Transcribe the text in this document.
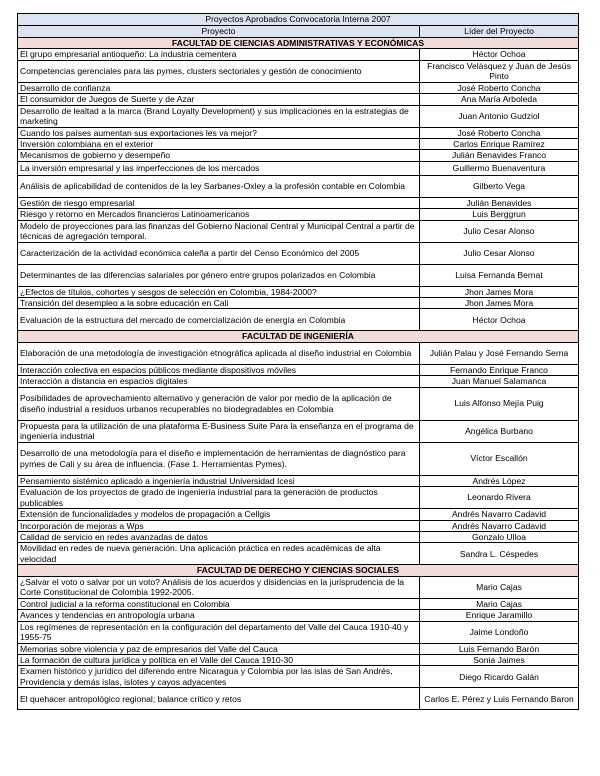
Proyectos Aprobados Convocatoria Interna 2007	
Proyecto	Líder del Proyecto
FACULTAD DE CIENCIAS ADMINISTRATIVAS Y ECONÓMICAS	
El grupo empresarial antioqueño: La industria cementera	Héctor Ochoa
Competencias gerenciales para las pymes, clusters sectoriales y gestión de conocimiento	Francisco Velásquez y Juan de Jesús Pinto
Desarrollo de confianza	José Roberto Concha
El consumidor de Juegos de Suerte y de Azar	Ana María Arboleda
Desarrollo de lealtad a la marca (Brand Loyalty Development) y sus implicaciones en la estrategias de marketing	Juan Antonio Gudziol
Cuando los países aumentan sus exportaciones les va mejor?	José Roberto Concha
Inversión colombiana en el exterior	Carlos Enrique Ramírez
Mecanismos de gobierno y desempeño	Julián Benavides Franco
La inversión empresarial y las imperfecciones de los mercados	Guillermo Buenaventura
Análisis de aplicabilidad de contenidos de la ley Sarbanes-Oxley a la profesión contable en Colombia	Gilberto Vega
Gestión de riesgo empresarial	Julián Benavides
Riesgo y retorno en Mercados financieros Latinoamericanos	Luis Berggrun
Modelo de proyecciones para las finanzas del Gobierno Nacional Central y Municipal Central a partir de técnicas de agregación temporal.	Julio Cesar Alonso
Caracterización de la actividad económica caleña a partir del Censo Económico del 2005	Julio Cesar Alonso
Determinantes de las diferencias salariales por género entre grupos polarizados en Colombia	Luisa Fernanda Bernat
¿Efectos de títulos, cohortes y sesgos de selección en Colombia, 1984-2000?	Jhon James Mora
Transición del desempleo a la sobre educación en Cali	Jhon James Mora
Evaluación de la estructura del mercado de comercialización de energía en Colombia	Héctor Ochoa
FACULTAD DE INGENIERÍA	
Elaboración de una metodología de investigación etnográfica aplicada al diseño industrial en Colombia	Julián Palau y José Fernando Serna
Interacción colectiva en espacios públicos mediante dispositivos móviles	Fernando Enrique Franco
Interacción a distancia en espacios digitales	Juan Manuel Salamanca
Posibilidades de aprovechamiento alternativo y generación de valor por medio de la aplicación de diseño industrial a residuos urbanos recuperables no biodegradables en Colombia	Luis Alfonso Mejía Puig
Propuesta para la utilización de una plataforma E-Business Suite Para la enseñanza en el programa de ingeniería industrial	Angélica Burbano
Desarrollo de una metodología para el diseño e implementación de herramientas de diagnóstico para pymes de Cali y su área de influencia. (Fase 1. Herramientas Pymes).	Víctor Escallón
Pensamiento sistémico aplicado a ingeniería industrial Universidad Icesi	Andrés López
Evaluación de los proyectos de grado de ingeniería industrial para la generación de productos publicables	Leonardo Rivera
Extensión de funcionalidades y modelos de propagación a Cellgis	Andrés Navarro Cadavid
Incorporación de mejoras a Wps	Andrés Navarro Cadavid
Calidad de servicio en redes avanzadas de datos	Gonzalo Ulloa
Movilidad en redes de nueva generación. Una aplicación práctica en redes académicas de alta velocidad	Sandra L. Céspedes
FACULTAD DE DERECHO Y CIENCIAS SOCIALES	
¿Salvar el voto o salvar por un voto? Análisis de los acuerdos y disidencias en la jurisprudencia de la Corte Constitucional de Colombia 1992-2005.	Mario Cajas
Control judicial a la reforma constitucional en Colombia	Mario Cajas
Avances y tendencias en antropología urbana	Enrique Jaramillo
Los regímenes de representación en la configuración del departamento del Valle del Cauca 1910-40 y 1955-75	Jaime Londoño
Memorias sobre violencia y paz de empresarios del Valle del Cauca	Luis Fernando Barón
La formación de cultura jurídica y política en el Valle del Cauca 1910-30	Sonia Jaimes
Examen histórico y jurídico del diferendo entre Nicaragua y Colombia por las islas de San Andrés, Providencia y demás islas, islotes y cayos adyacentes	Diego Ricardo Galán
El quehacer antropológico regional; balance crítico y retos	Carlos E. Pérez y Luis Fernando Baron
